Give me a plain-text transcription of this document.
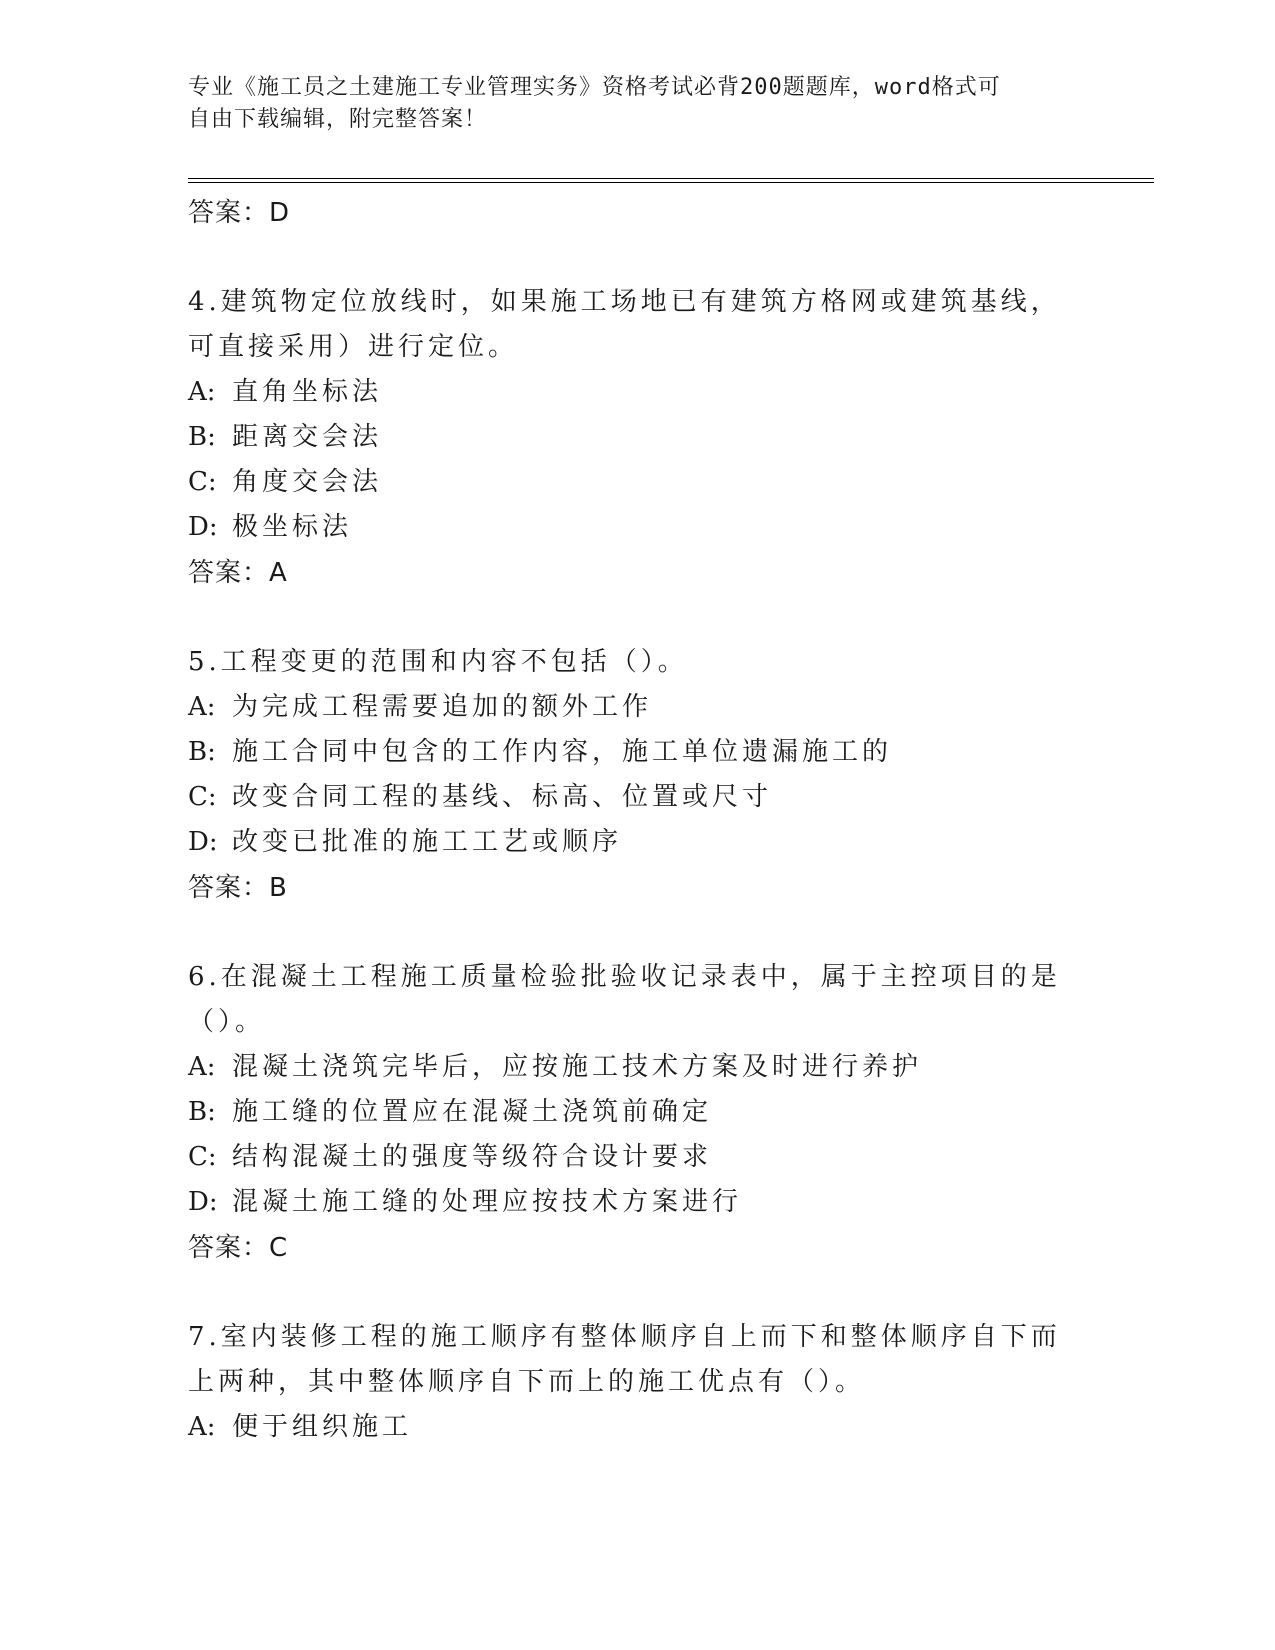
专业《施工员之土建施工专业管理实务》资格考试必背200题题库，word格式可
自由下载编辑，附完整答案！
答案：D
4.建筑物定位放线时，如果施工场地已有建筑方格网或建筑基线，可直接采用）进行定位。
A: 直角坐标法
B: 距离交会法
C: 角度交会法
D: 极坐标法
答案：A
5.工程变更的范围和内容不包括（）。
A: 为完成工程需要追加的额外工作
B: 施工合同中包含的工作内容，施工单位遗漏施工的
C: 改变合同工程的基线、标高、位置或尺寸
D: 改变已批准的施工工艺或顺序
答案：B
6.在混凝土工程施工质量检验批验收记录表中，属于主控项目的是（）。
A: 混凝土浇筑完毕后，应按施工技术方案及时进行养护
B: 施工缝的位置应在混凝土浇筑前确定
C: 结构混凝土的强度等级符合设计要求
D: 混凝土施工缝的处理应按技术方案进行
答案：C
7.室内装修工程的施工顺序有整体顺序自上而下和整体顺序自下而上两种，其中整体顺序自下而上的施工优点有（）。
A: 便于组织施工
